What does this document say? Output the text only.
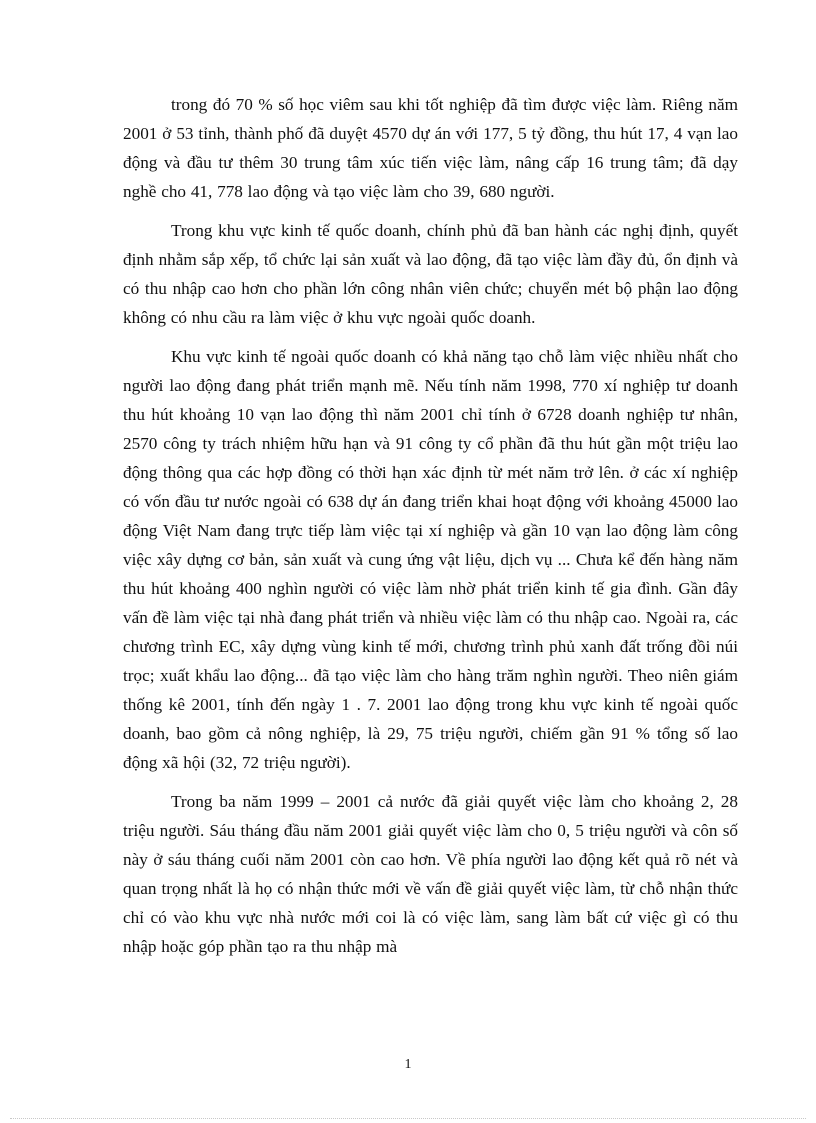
trong đó 70 % số học viêm sau khi tốt nghiệp đã tìm được việc làm. Riêng năm 2001 ở 53 tỉnh, thành phố đã duyệt 4570 dự án với 177, 5 tỷ đồng, thu hút 17, 4 vạn lao động và đầu tư thêm 30 trung tâm xúc tiến việc làm, nâng cấp 16 trung tâm; đã dạy nghề cho 41, 778 lao động và tạo việc làm cho 39, 680 người.

Trong khu vực kinh tế quốc doanh, chính phủ đã ban hành các nghị định, quyết định nhằm sắp xếp, tổ chức lại sản xuất và lao động, đã tạo việc làm đầy đủ, ổn định và có thu nhập cao hơn cho phần lớn công nhân viên chức; chuyển mét bộ phận lao động không có nhu cầu ra làm việc ở khu vực ngoài quốc doanh.

Khu vực kinh tế ngoài quốc doanh có khả năng tạo chỗ làm việc nhiều nhất cho người lao động đang phát triển mạnh mẽ. Nếu tính năm 1998, 770 xí nghiệp tư doanh thu hút khoảng 10 vạn lao động thì năm 2001 chỉ tính ở 6728 doanh nghiệp tư nhân, 2570 công ty trách nhiệm hữu hạn và 91 công ty cổ phần đã thu hút gần một triệu lao động thông qua các hợp đồng có thời hạn xác định từ mét năm trở lên. ở các xí nghiệp có vốn đầu tư nước ngoài có 638 dự án đang triển khai hoạt động với khoảng 45000 lao động Việt Nam đang trực tiếp làm việc tại xí nghiệp và gần 10 vạn lao động làm công việc xây dựng cơ bản, sản xuất và cung ứng vật liệu, dịch vụ ... Chưa kể đến hàng năm thu hút khoảng 400 nghìn người có việc làm nhờ phát triển kinh tế gia đình. Gần đây vấn đề làm việc tại nhà đang phát triển và nhiều việc làm có thu nhập cao. Ngoài ra, các chương trình EC, xây dựng vùng kinh tế mới, chương trình phủ xanh đất trống đồi núi trọc; xuất khẩu lao động... đã tạo việc làm cho hàng trăm nghìn người. Theo niên giám thống kê 2001, tính đến ngày 1 . 7. 2001 lao động trong khu vực kinh tế ngoài quốc doanh, bao gồm cả nông nghiệp, là 29, 75 triệu người, chiếm gần 91 % tổng số lao động xã hội (32, 72 triệu người).

Trong ba năm 1999 – 2001 cả nước đã giải quyết việc làm cho khoảng 2, 28 triệu người. Sáu tháng đầu năm 2001 giải quyết việc làm cho 0, 5 triệu người và côn số này ở sáu tháng cuối năm 2001 còn cao hơn. Về phía người lao động kết quả rõ nét và quan trọng nhất là họ có nhận thức mới về vấn đề giải quyết việc làm, từ chỗ nhận thức chỉ có vào khu vực nhà nước mới coi là có việc làm, sang làm bất cứ việc gì có thu nhập hoặc góp phần tạo ra thu nhập mà

1
